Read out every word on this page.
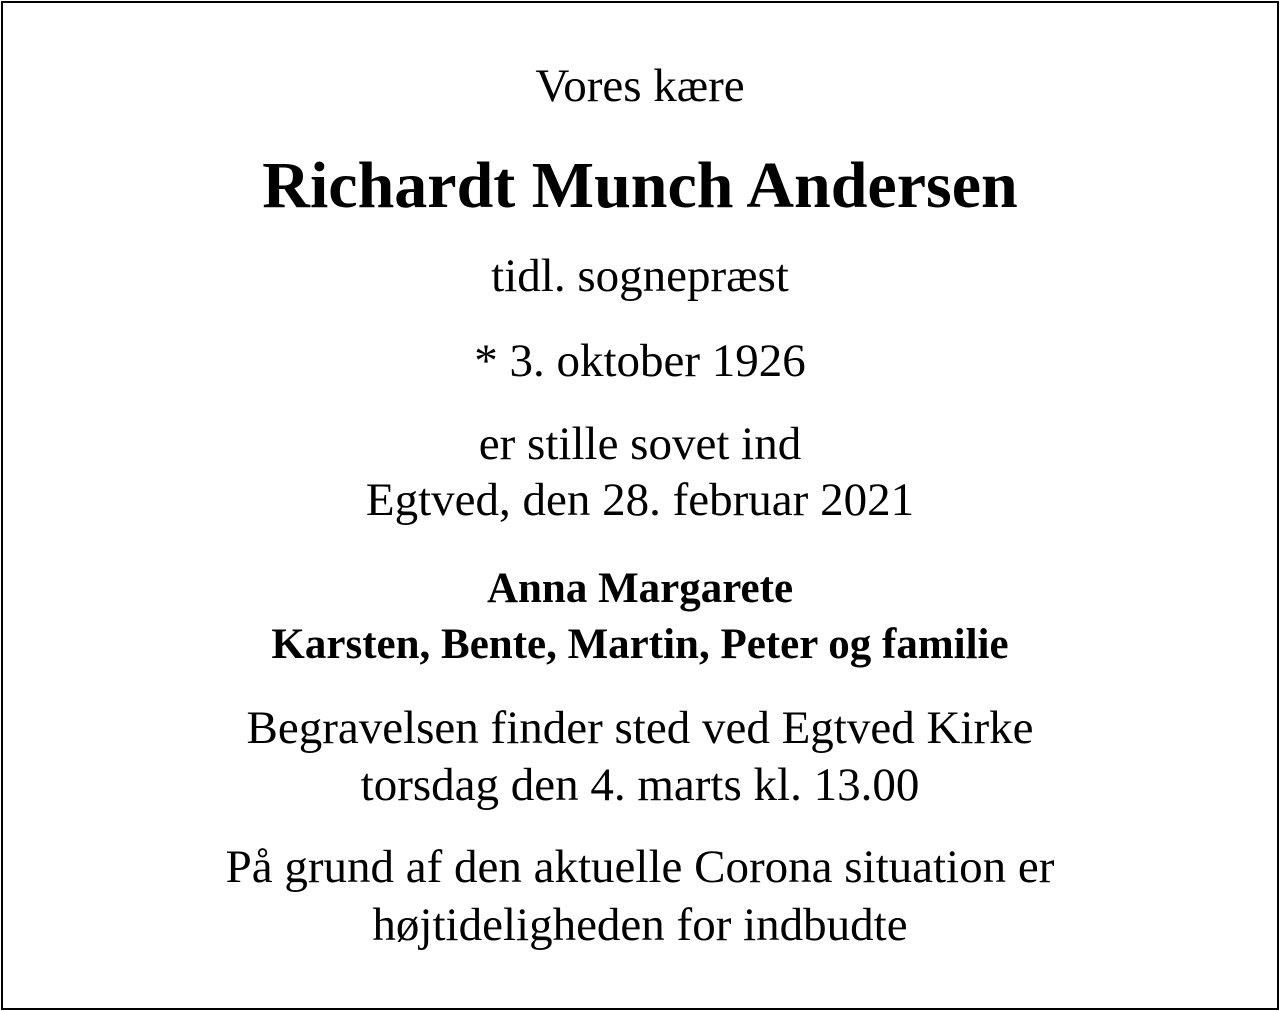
Vores kære
Richardt Munch Andersen
tidl. sognepræst
* 3. oktober 1926
er stille sovet ind
Egtved, den 28. februar 2021
Anna Margarete
Karsten, Bente, Martin, Peter og familie
Begravelsen finder sted ved Egtved Kirke
torsdag den 4. marts kl. 13.00
På grund af den aktuelle Corona situation er
højtideligheden for indbudte
